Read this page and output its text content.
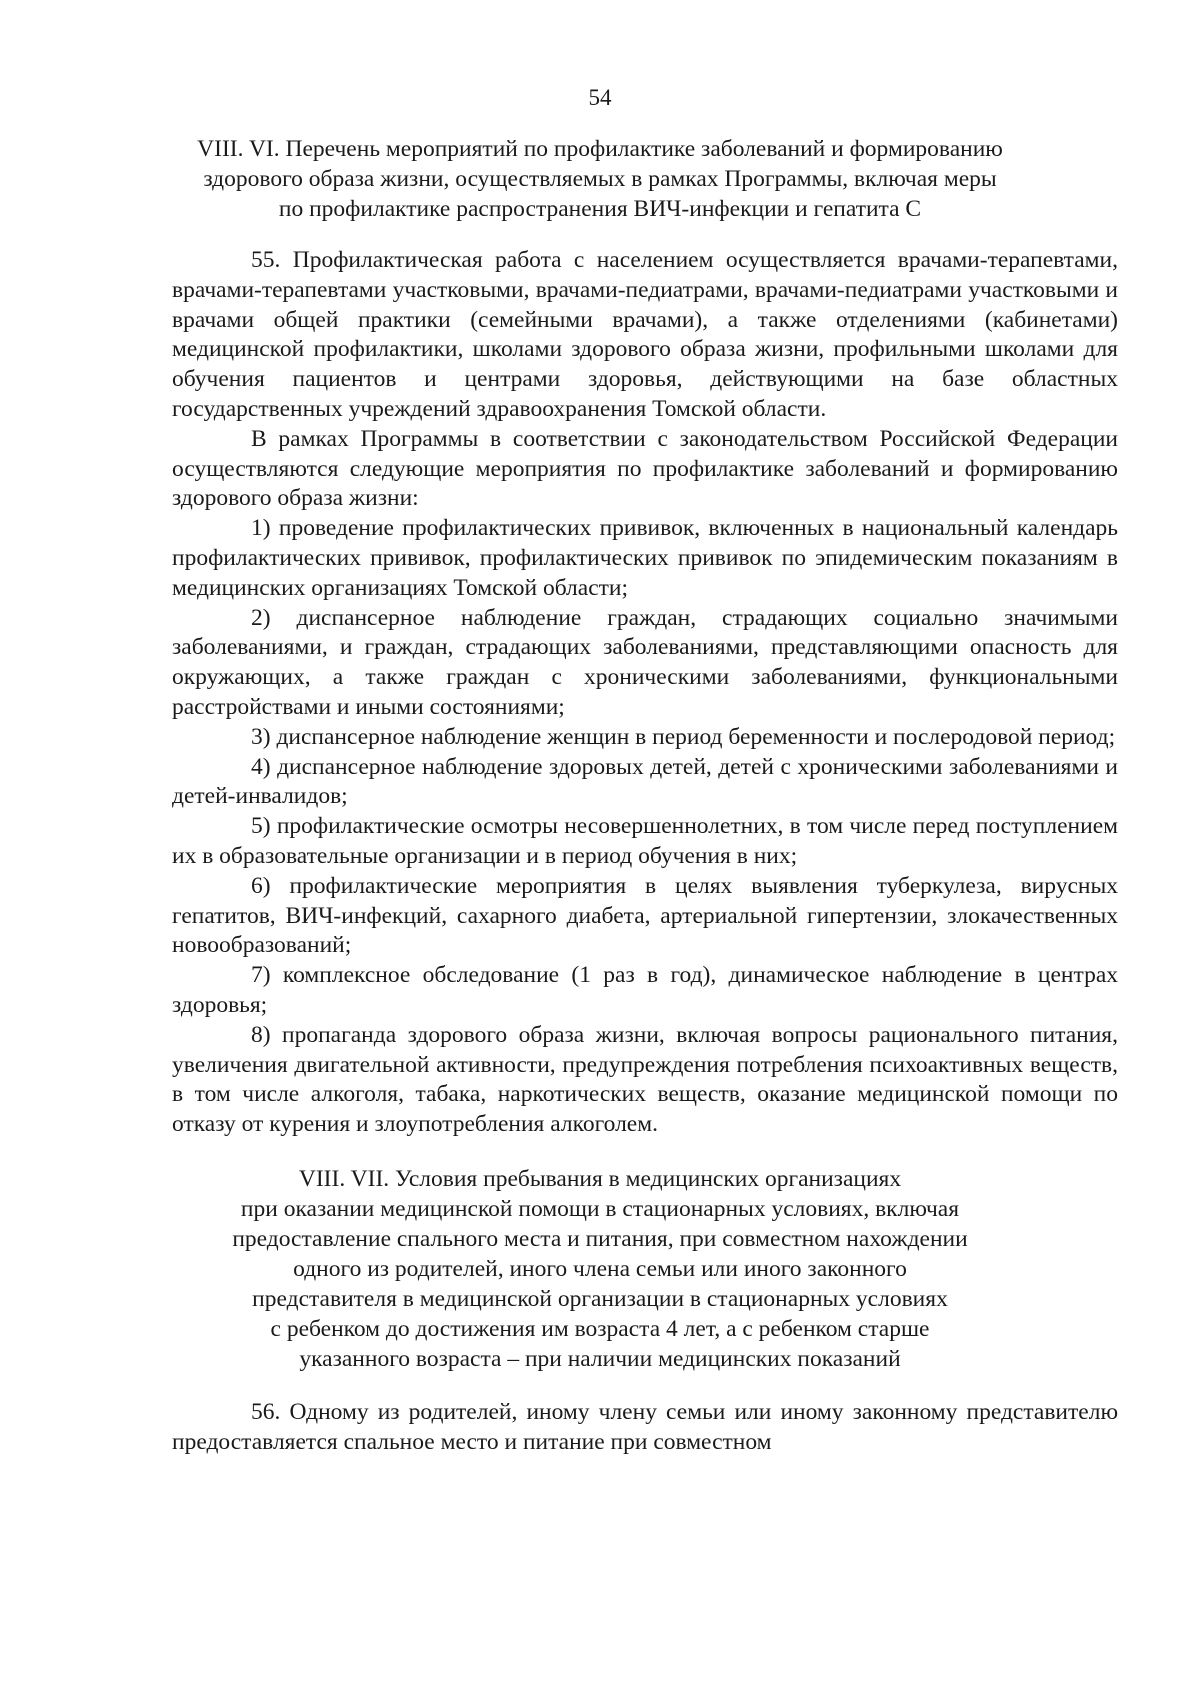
54
VIII. VI. Перечень мероприятий по профилактике заболеваний и формированию
здорового образа жизни, осуществляемых в рамках Программы, включая меры
по профилактике распространения ВИЧ-инфекции и гепатита С

55. Профилактическая работа с населением осуществляется врачами-терапевтами, врачами-терапевтами участковыми, врачами-педиатрами, врачами-педиатрами участковыми и врачами общей практики (семейными врачами), а также отделениями (кабинетами) медицинской профилактики, школами здорового образа жизни, профильными школами для обучения пациентов и центрами здоровья, действующими на базе областных государственных учреждений здравоохранения Томской области.

В рамках Программы в соответствии с законодательством Российской Федерации осуществляются следующие мероприятия по профилактике заболеваний и формированию здорового образа жизни:

1) проведение профилактических прививок, включенных в национальный календарь профилактических прививок, профилактических прививок по эпидемическим показаниям в медицинских организациях Томской области;

2) диспансерное наблюдение граждан, страдающих социально значимыми заболеваниями, и граждан, страдающих заболеваниями, представляющими опасность для окружающих, а также граждан с хроническими заболеваниями, функциональными расстройствами и иными состояниями;

3) диспансерное наблюдение женщин в период беременности и послеродовой период;

4) диспансерное наблюдение здоровых детей, детей с хроническими заболеваниями и детей-инвалидов;

5) профилактические осмотры несовершеннолетних, в том числе перед поступлением их в образовательные организации и в период обучения в них;

6) профилактические мероприятия в целях выявления туберкулеза, вирусных гепатитов, ВИЧ-инфекций, сахарного диабета, артериальной гипертензии, злокачественных новообразований;

7) комплексное обследование (1 раз в год), динамическое наблюдение в центрах здоровья;

8) пропаганда здорового образа жизни, включая вопросы рационального питания, увеличения двигательной активности, предупреждения потребления психоактивных веществ, в том числе алкоголя, табака, наркотических веществ, оказание медицинской помощи по отказу от курения и злоупотребления алкоголем.

VIII. VII. Условия пребывания в медицинских организациях
при оказании медицинской помощи в стационарных условиях, включая
предоставление спального места и питания, при совместном нахождении
одного из родителей, иного члена семьи или иного законного
представителя в медицинской организации в стационарных условиях
с ребенком до достижения им возраста 4 лет, а с ребенком старше
указанного возраста – при наличии медицинских показаний

56. Одному из родителей, иному члену семьи или иному законному представителю предоставляется спальное место и питание при совместном
